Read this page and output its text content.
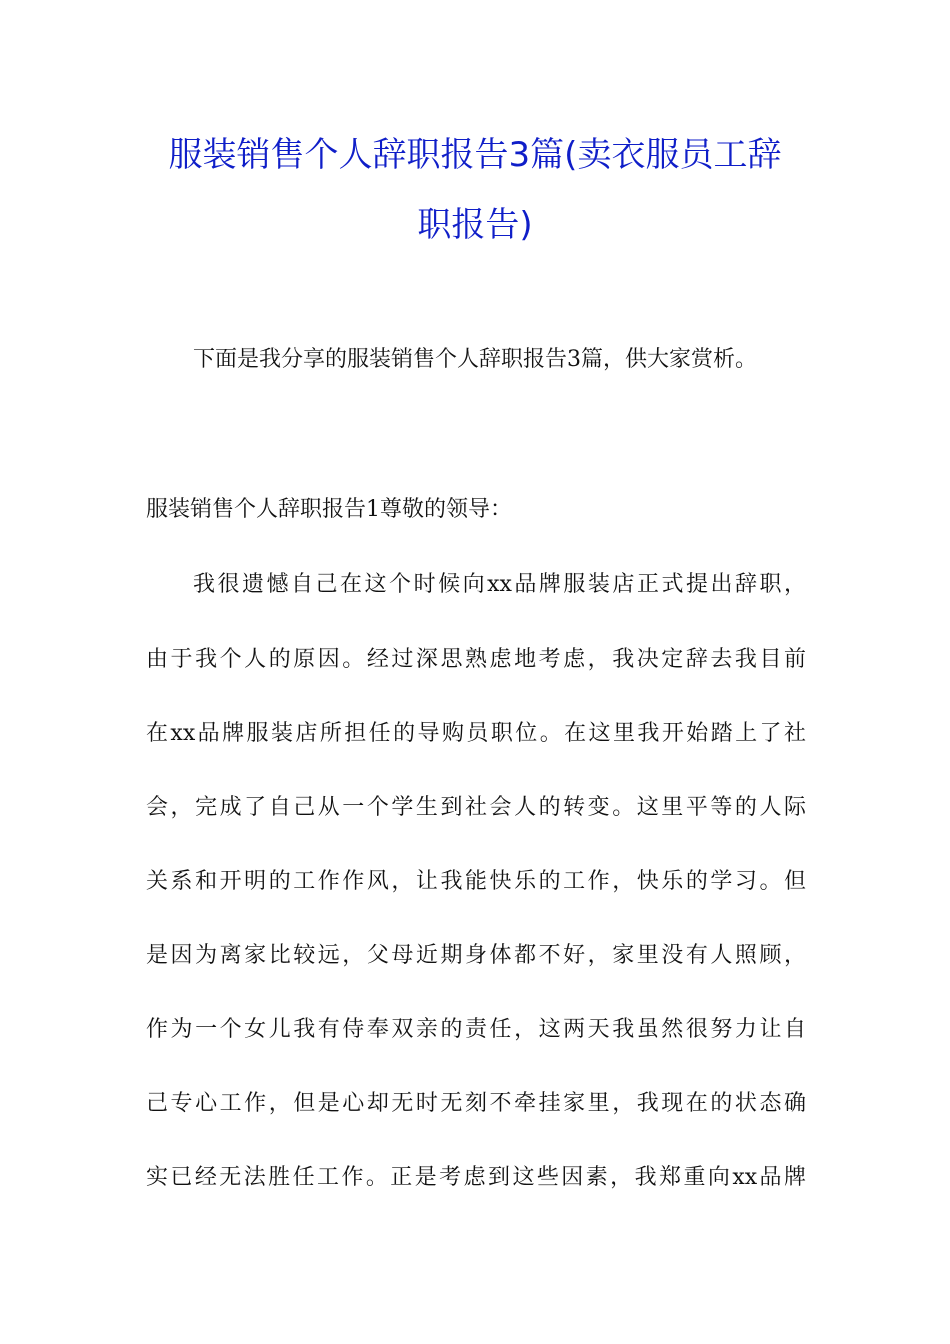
服装销售个人辞职报告3篇(卖衣服员工辞
职报告)
下面是我分享的服装销售个人辞职报告3篇，供大家赏析。
服装销售个人辞职报告1尊敬的领导：
我很遗憾自己在这个时候向xx品牌服装店正式提出辞职，
由于我个人的原因。经过深思熟虑地考虑，我决定辞去我目前
在xx品牌服装店所担任的导购员职位。在这里我开始踏上了社
会，完成了自己从一个学生到社会人的转变。这里平等的人际
关系和开明的工作作风，让我能快乐的工作，快乐的学习。但
是因为离家比较远，父母近期身体都不好，家里没有人照顾，
作为一个女儿我有侍奉双亲的责任，这两天我虽然很努力让自
己专心工作，但是心却无时无刻不牵挂家里，我现在的状态确
实已经无法胜任工作。正是考虑到这些因素，我郑重向xx品牌
